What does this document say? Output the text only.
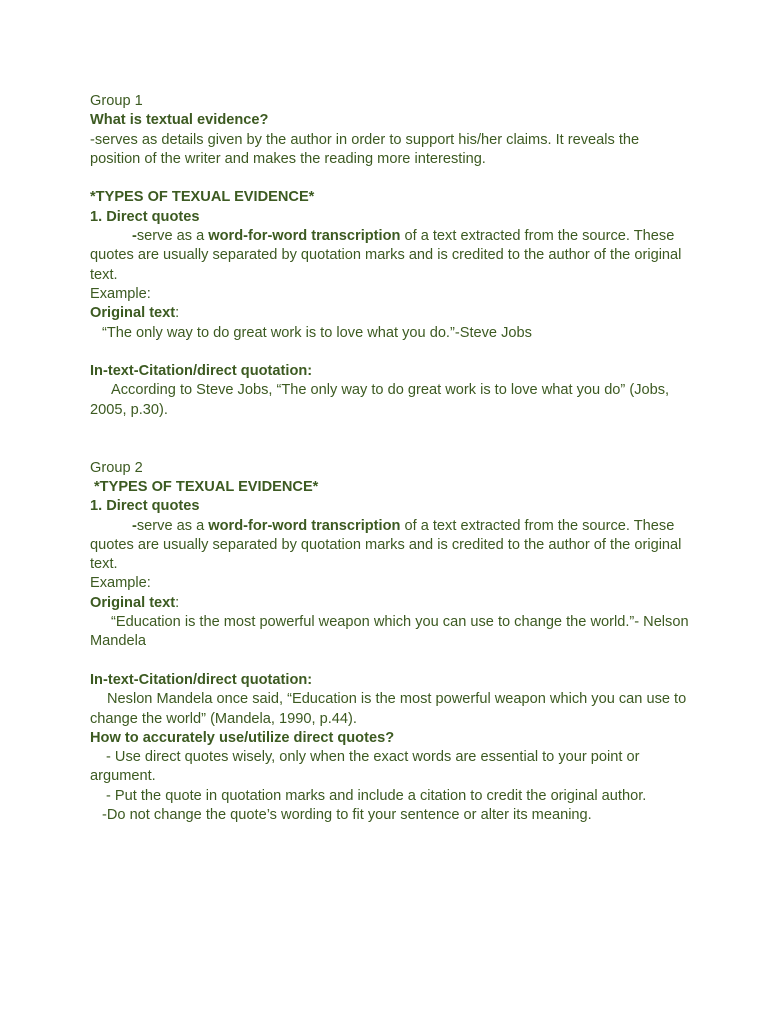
Group 1
What is textual evidence?
-serves as details given by the author in order to support his/her claims. It reveals the position of the writer and makes the reading more interesting.
*TYPES OF TEXUAL EVIDENCE*
1. Direct quotes
-serve as a word-for-word transcription of a text extracted from the source. These quotes are usually separated by quotation marks and is credited to the author of the original text.
Example:
Original text:
“The only way to do great work is to love what you do.”-Steve Jobs
In-text-Citation/direct quotation:
According to Steve Jobs, “The only way to do great work is to love what you do” (Jobs, 2005, p.30).
Group 2
*TYPES OF TEXUAL EVIDENCE*
1. Direct quotes
-serve as a word-for-word transcription of a text extracted from the source. These quotes are usually separated by quotation marks and is credited to the author of the original text.
Example:
Original text:
“Education is the most powerful weapon which you can use to change the world.”- Nelson Mandela
In-text-Citation/direct quotation:
Neslon Mandela once said, “Education is the most powerful weapon which you can use to change the world” (Mandela, 1990, p.44).
How to accurately use/utilize direct quotes?
- Use direct quotes wisely, only when the exact words are essential to your point or argument.
- Put the quote in quotation marks and include a citation to credit the original author.
-Do not change the quote’s wording to fit your sentence or alter its meaning.
